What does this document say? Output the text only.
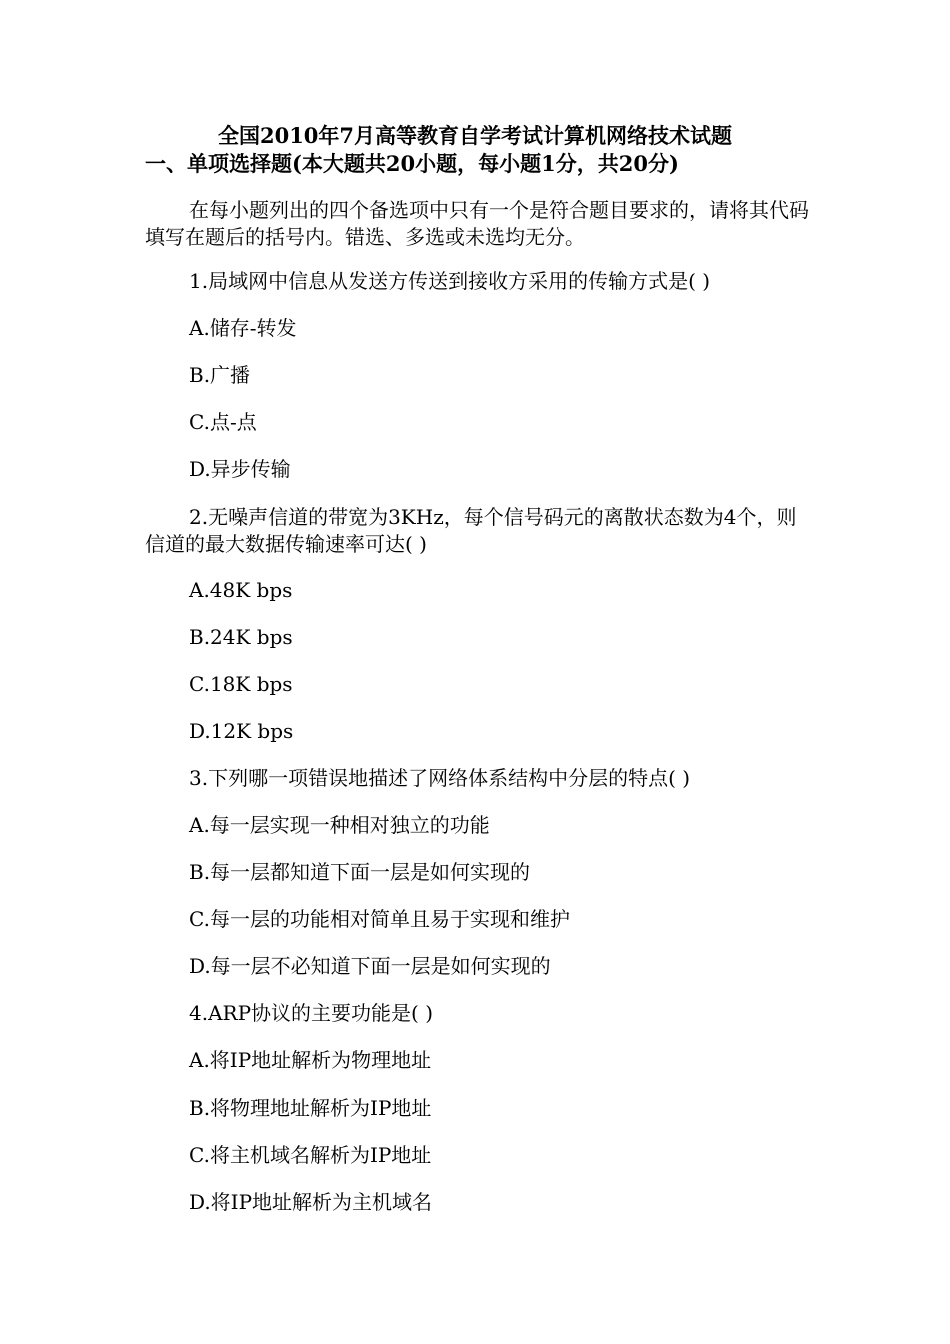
全国2010年7月高等教育自学考试计算机网络技术试题
一、单项选择题(本大题共20小题，每小题1分，共20分)
在每小题列出的四个备选项中只有一个是符合题目要求的，请将其代码填写在题后的括号内。错选、多选或未选均无分。
1.局域网中信息从发送方传送到接收方采用的传输方式是( )
A.储存-转发
B.广播
C.点-点
D.异步传输
2.无噪声信道的带宽为3KHz，每个信号码元的离散状态数为4个，则信道的最大数据传输速率可达( )
A.48K bps
B.24K bps
C.18K bps
D.12K bps
3.下列哪一项错误地描述了网络体系结构中分层的特点( )
A.每一层实现一种相对独立的功能
B.每一层都知道下面一层是如何实现的
C.每一层的功能相对简单且易于实现和维护
D.每一层不必知道下面一层是如何实现的
4.ARP协议的主要功能是( )
A.将IP地址解析为物理地址
B.将物理地址解析为IP地址
C.将主机域名解析为IP地址
D.将IP地址解析为主机域名
